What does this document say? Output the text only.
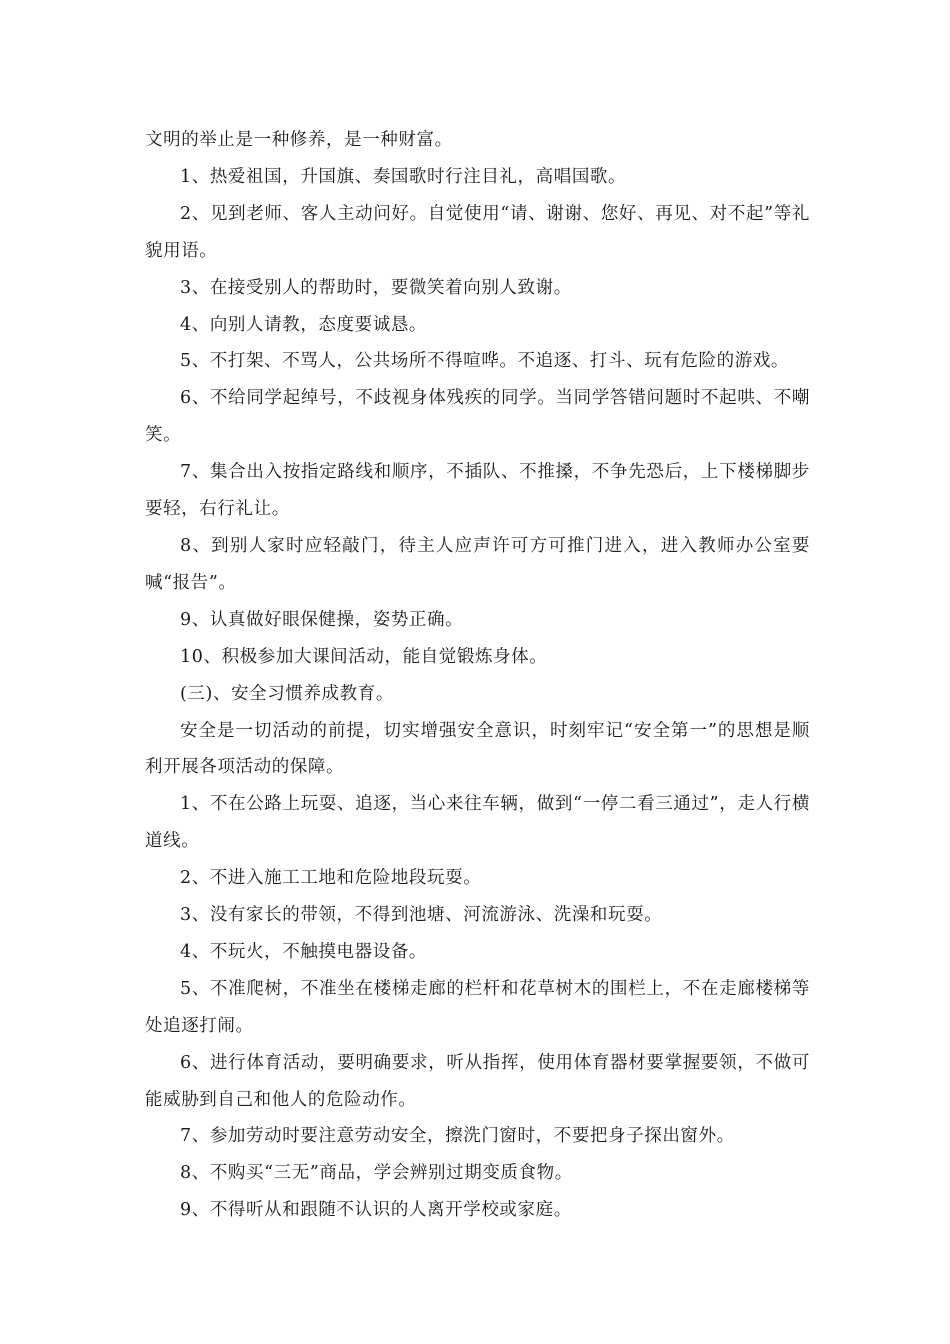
文明的举止是一种修养，是一种财富。

1、热爱祖国，升国旗、奏国歌时行注目礼，高唱国歌。

2、见到老师、客人主动问好。自觉使用“请、谢谢、您好、再见、对不起”等礼貌用语。

3、在接受别人的帮助时，要微笑着向别人致谢。

4、向别人请教，态度要诚恳。

5、不打架、不骂人，公共场所不得喧哗。不追逐、打斗、玩有危险的游戏。

6、不给同学起绰号，不歧视身体残疾的同学。当同学答错问题时不起哄、不嘲笑。

7、集合出入按指定路线和顺序，不插队、不推搡，不争先恐后，上下楼梯脚步要轻，右行礼让。

8、到别人家时应轻敲门，待主人应声许可方可推门进入，进入教师办公室要喊“报告”。

9、认真做好眼保健操，姿势正确。

10、积极参加大课间活动，能自觉锻炼身体。

(三)、安全习惯养成教育。

安全是一切活动的前提，切实增强安全意识，时刻牢记“安全第一”的思想是顺利开展各项活动的保障。

1、不在公路上玩耍、追逐，当心来往车辆，做到“一停二看三通过”，走人行横道线。

2、不进入施工工地和危险地段玩耍。

3、没有家长的带领，不得到池塘、河流游泳、洗澡和玩耍。

4、不玩火，不触摸电器设备。

5、不准爬树，不准坐在楼梯走廊的栏杆和花草树木的围栏上，不在走廊楼梯等处追逐打闹。

6、进行体育活动，要明确要求，听从指挥，使用体育器材要掌握要领，不做可能威胁到自己和他人的危险动作。

7、参加劳动时要注意劳动安全，擦洗门窗时，不要把身子探出窗外。

8、不购买“三无”商品，学会辨别过期变质食物。

9、不得听从和跟随不认识的人离开学校或家庭。
